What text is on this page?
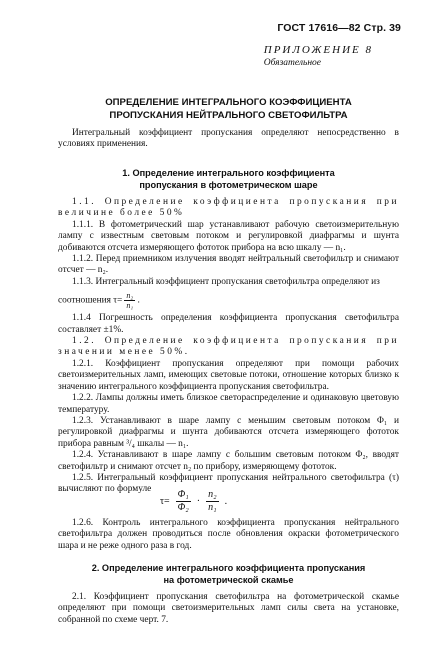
ГОСТ 17616—82 Стр. 39
ПРИЛОЖЕНИЕ 8
Обязательное
ОПРЕДЕЛЕНИЕ ИНТЕГРАЛЬНОГО КОЭФФИЦИЕНТА
ПРОПУСКАНИЯ НЕЙТРАЛЬНОГО СВЕТОФИЛЬТРА

Интегральный коэффициент пропускания определяют непосредственно в условиях применения.

1. Определение интегрального коэффициента
пропускания в фотометрическом шаре

1.1. Определение коэффициента пропускания при величине более 50%

1.1.1. В фотометрический шар устанавливают рабочую светоизмерительную лампу с известным световым потоком и регулировкой диафрагмы и шунта добиваются отсчета измеряющего фототок прибора на всю шкалу — n₁.

1.1.2. Перед приемником излучения вводят нейтральный светофильтр и снимают отсчет — n₂.

1.1.3. Интегральный коэффициент пропускания светофильтра определяют из

соотношения $\tau= \frac{\text{n₂}}{\text{n₁}}$ .

1.1.4 Погрешность определения коэффициента пропускания светофильтра составляет ±1%.

1.2. Определение коэффициента пропускания при значении менее 50%.

1.2.1. Коэффициент пропускания определяют при помощи рабочих светоизмерительных ламп, имеющих световые потоки, отношение которых близко к значению интегрального коэффициента пропускания светофильтра.

1.2.2. Лампы должны иметь близкое светораспределение и одинаковую цветовую температуру.

1.2.3. Устанавливают в шаре лампу с меньшим световым потоком Φ₁ и регулировкой диафрагмы и шунта добиваются отсчета измеряющего фототок прибора равным ³/₄ шкалы — n₁.

1.2.4. Устанавливают в шаре лампу с большим световым потоком Φ₂, вводят светофильтр и снимают отсчет n₂ по прибору, измеряющему фототок.

1.2.5. Интегральный коэффициент пропускания нейтрального светофильтра (τ) вычисляют по формуле

$\tau= \frac{\text{Φ₁}}{\text{Φ₂}} \cdot \frac{\text{n₂}}{\text{n₁}}$ .

1.2.6. Контроль интегрального коэффициента пропускания нейтрального светофильтра должен проводиться после обновления окраски фотометрического шара и не реже одного раза в год.

2. Определение интегрального коэффициента пропускания
на фотометрической скамье

2.1. Коэффициент пропускания светофильтра на фотометрической скамье определяют при помощи светоизмерительных ламп силы света на установке, собранной по схеме черт. 7.
